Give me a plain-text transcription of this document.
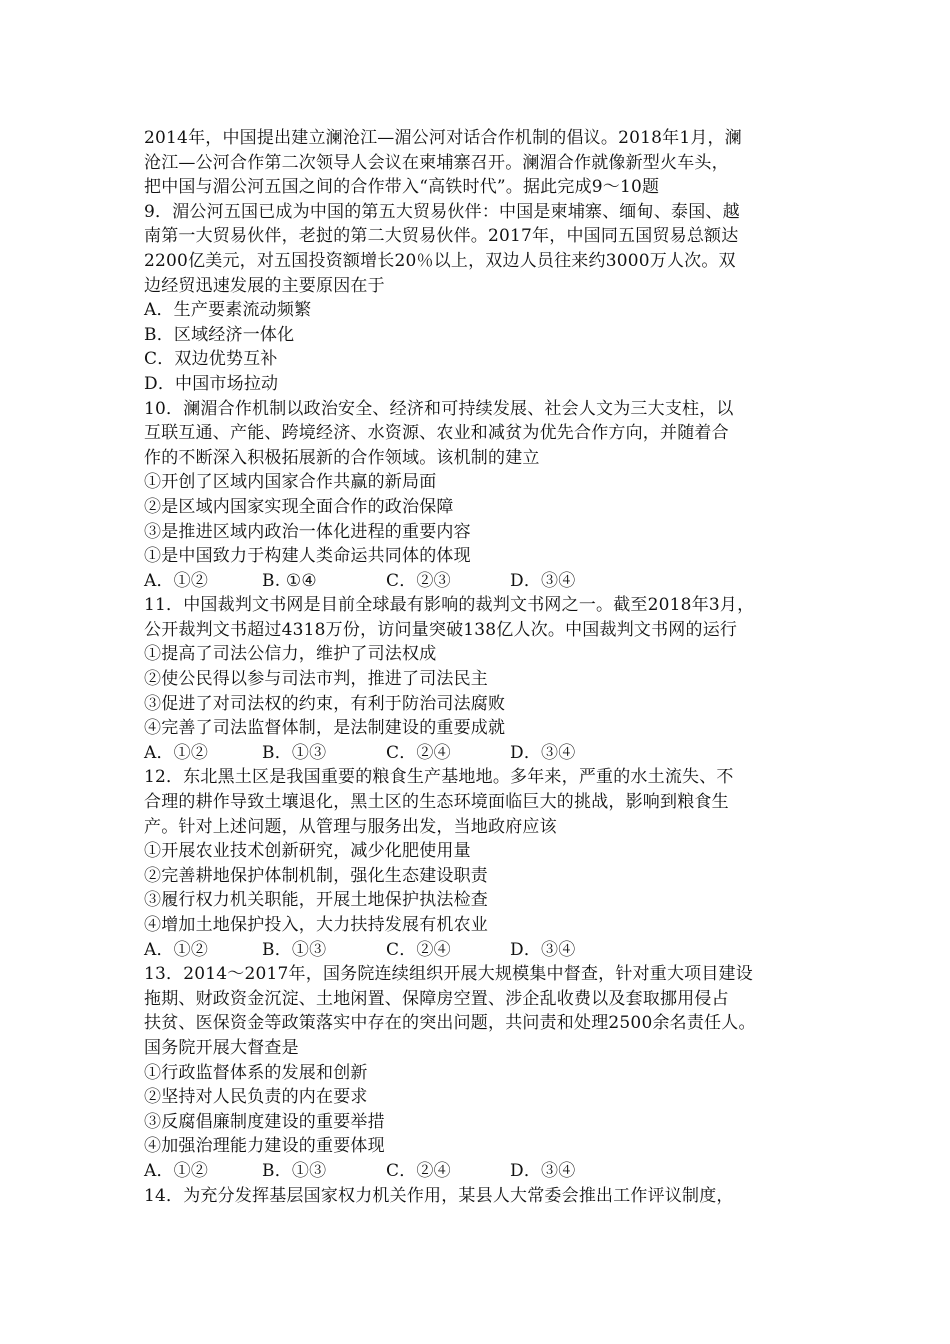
2014年，中国提出建立澜沧江—湄公河对话合作机制的倡议。2018年1月，澜
沧江—公河合作第二次领导人会议在柬埔寨召开。澜湄合作就像新型火车头，
把中国与湄公河五国之间的合作带入“高铁时代”。据此完成9～10题
9．湄公河五国已成为中国的第五大贸易伙伴：中国是柬埔寨、缅甸、泰国、越
南第一大贸易伙伴，老挝的第二大贸易伙伴。2017年，中国同五国贸易总额达
2200亿美元，对五国投资额增长20％以上，双边人员往来约3000万人次。双
边经贸迅速发展的主要原因在于
A．生产要素流动频繁
B．区域经济一体化
C．双边优势互补
D．中国市场拉动
10．澜湄合作机制以政治安全、经济和可持续发展、社会人文为三大支柱，以
互联互通、产能、跨境经济、水资源、农业和减贫为优先合作方向，并随着合
作的不断深入积极拓展新的合作领域。该机制的建立
①开创了区域内国家合作共赢的新局面
②是区域内国家实现全面合作的政治保障
③是推进区域内政治一体化进程的重要内容
①是中国致力于构建人类命运共同体的体现
A．①②	B. ①④	C．②③	D．③④
11．中国裁判文书网是目前全球最有影响的裁判文书网之一。截至2018年3月，
公开裁判文书超过4318万份，访问量突破138亿人次。中国裁判文书网的运行
①提高了司法公信力，维护了司法权成
②使公民得以参与司法市判，推进了司法民主
③促进了对司法权的约束，有利于防治司法腐败
④完善了司法监督体制，是法制建设的重要成就
A．①②	B．①③	C．②④	D．③④
12．东北黑土区是我国重要的粮食生产基地地。多年来，严重的水土流失、不
合理的耕作导致土壤退化，黑土区的生态环境面临巨大的挑战，影响到粮食生
产。针对上述问题，从管理与服务出发，当地政府应该
①开展农业技术创新研究，减少化肥使用量
②完善耕地保护体制机制，强化生态建设职责
③履行权力机关职能，开展土地保护执法检查
④增加土地保护投入，大力扶持发展有机农业
A．①②	B．①③	C．②④	D．③④
13．2014～2017年，国务院连续组织开展大规模集中督查，针对重大项目建设
拖期、财政资金沉淀、土地闲置、保障房空置、涉企乱收费以及套取挪用侵占
扶贫、医保资金等政策落实中存在的突出问题，共问责和处理2500余名责任人。
国务院开展大督查是
①行政监督体系的发展和创新
②坚持对人民负责的内在要求
③反腐倡廉制度建设的重要举措
④加强治理能力建设的重要体现
A．①②	B．①③	C．②④	D．③④
14．为充分发挥基层国家权力机关作用，某县人大常委会推出工作评议制度，
